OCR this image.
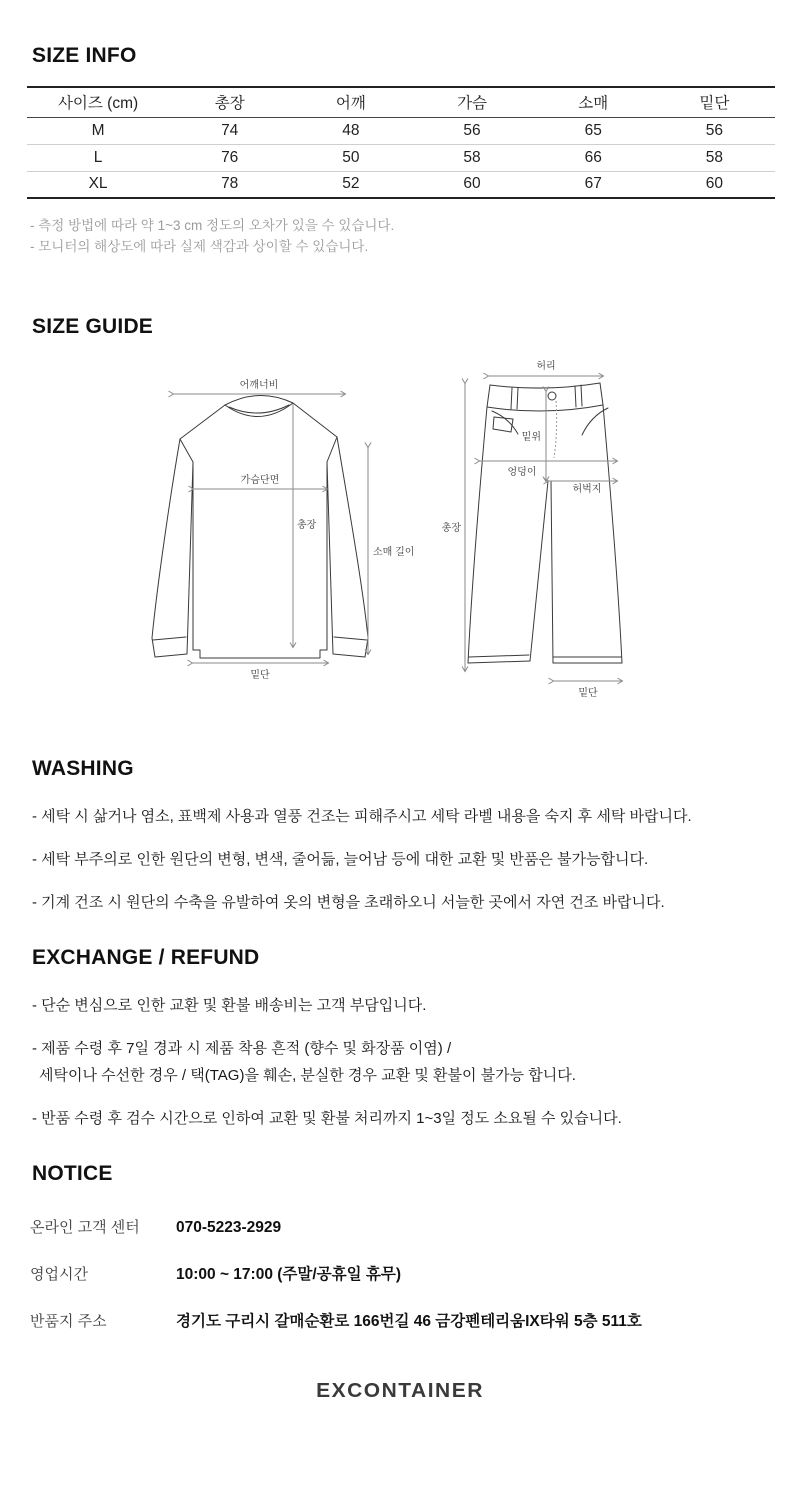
SIZE INFO
사이즈 (cm)	총장	어깨	가슴	소매	밑단
M	74	48	56	65	56
L	76	50	58	66	58
XL	78	52	60	67	60

- 측정 방법에 따라 약 1~3 cm 정도의 오차가 있을 수 있습니다.

- 모니터의 해상도에 따라 실제 색감과 상이할 수 있습니다.

SIZE GUIDE
어깨너비
가슴단면
총장
소매 길이
밑단
허리
밑위
엉덩이
허벅지
총장
밑단
WASHING

- 세탁 시 삶거나 염소, 표백제 사용과 열풍 건조는 피해주시고 세탁 라벨 내용을 숙지 후 세탁 바랍니다.

- 세탁 부주의로 인한 원단의 변형, 변색, 줄어듦, 늘어남 등에 대한 교환 및 반품은 불가능합니다.

- 기계 건조 시 원단의 수축을 유발하여 옷의 변형을 초래하오니 서늘한 곳에서 자연 건조 바랍니다.

EXCHANGE / REFUND

- 단순 변심으로 인한 교환 및 환불 배송비는 고객 부담입니다.

- 제품 수령 후 7일 경과 시 제품 착용 흔적 (향수 및 화장품 이염) /

세탁이나 수선한 경우 / 택(TAG)을 훼손, 분실한 경우 교환 및 환불이 불가능 합니다.

- 반품 수령 후 검수 시간으로 인하여 교환 및 환불 처리까지 1~3일 정도 소요될 수 있습니다.

NOTICE
온라인 고객 센터	070-5223-2929
영업시간	10:00 ~ 17:00 (주말/공휴일 휴무)
반품지 주소	경기도 구리시 갈매순환로 166번길 46 금강펜테리움IX타워 5층 511호
EXCONTAINER
